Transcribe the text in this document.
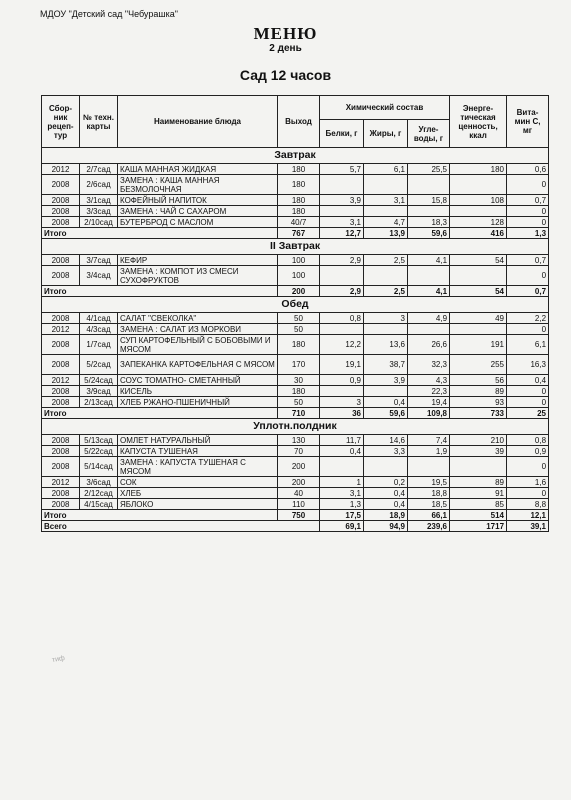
МДОУ "Детский сад "Чебурашка"
МЕНЮ
2 день
Сад 12 часов
Сбор-ник рецеп-тур	№ техн. карты	Наименование блюда	Выход	Химический состав			Энерге-тическая ценность, ккал	Вита-мин С, мг
				Белки, г	Жиры, г	Угле-воды, г		
Завтрак								
2012	2/7сад	КАША МАННАЯ ЖИДКАЯ	180	5,7	6,1	25,5	180	0,6
2008	2/6сад	ЗАМЕНА : КАША МАННАЯ БЕЗМОЛОЧНАЯ	180					0
2008	3/1сад	КОФЕЙНЫЙ НАПИТОК	180	3,9	3,1	15,8	108	0,7
2008	3/3сад	ЗАМЕНА : ЧАЙ С САХАРОМ	180					0
2008	2/10сад	БУТЕРБРОД С МАСЛОМ	40/7	3,1	4,7	18,3	128	0
Итого			767	12,7	13,9	59,6	416	1,3
II Завтрак								
2008	3/7сад	КЕФИР	100	2,9	2,5	4,1	54	0,7
2008	3/4сад	ЗАМЕНА : КОМПОТ ИЗ СМЕСИ СУХОФРУКТОВ	100					0
Итого			200	2,9	2,5	4,1	54	0,7
Обед								
2008	4/1сад	САЛАТ "СВЕКОЛКА"	50	0,8	3	4,9	49	2,2
2012	4/3сад	ЗАМЕНА : САЛАТ ИЗ МОРКОВИ	50					0
2008	1/7сад	СУП КАРТОФЕЛЬНЫЙ С БОБОВЫМИ И МЯСОМ	180	12,2	13,6	26,6	191	6,1
2008	5/2сад	ЗАПЕКАНКА КАРТОФЕЛЬНАЯ С МЯСОМ	170	19,1	38,7	32,3	255	16,3
2012	5/24сад	СОУС ТОМАТНО- СМЕТАННЫЙ	30	0,9	3,9	4,3	56	0,4
2008	3/9сад	КИСЕЛЬ	180			22,3	89	0
2008	2/13сад	ХЛЕБ РЖАНО-ПШЕНИЧНЫЙ	50	3	0,4	19,4	93	0
Итого			710	36	59,6	109,8	733	25
Уплотн.полдник								
2008	5/13сад	ОМЛЕТ НАТУРАЛЬНЫЙ	130	11,7	14,6	7,4	210	0,8
2008	5/22сад	КАПУСТА ТУШЕНАЯ	70	0,4	3,3	1,9	39	0,9
2008	5/14сад	ЗАМЕНА : КАПУСТА ТУШЕНАЯ С МЯСОМ	200					0
2012	3/6сад	СОК	200	1	0,2	19,5	89	1,6
2008	2/12сад	ХЛЕБ	40	3,1	0,4	18,8	91	0
2008	4/15сад	ЯБЛОКО	110	1,3	0,4	18,5	85	8,8
Итого			750	17,5	18,9	66,1	514	12,1
Всего				69,1	94,9	239,6	1717	39,1
тиф
